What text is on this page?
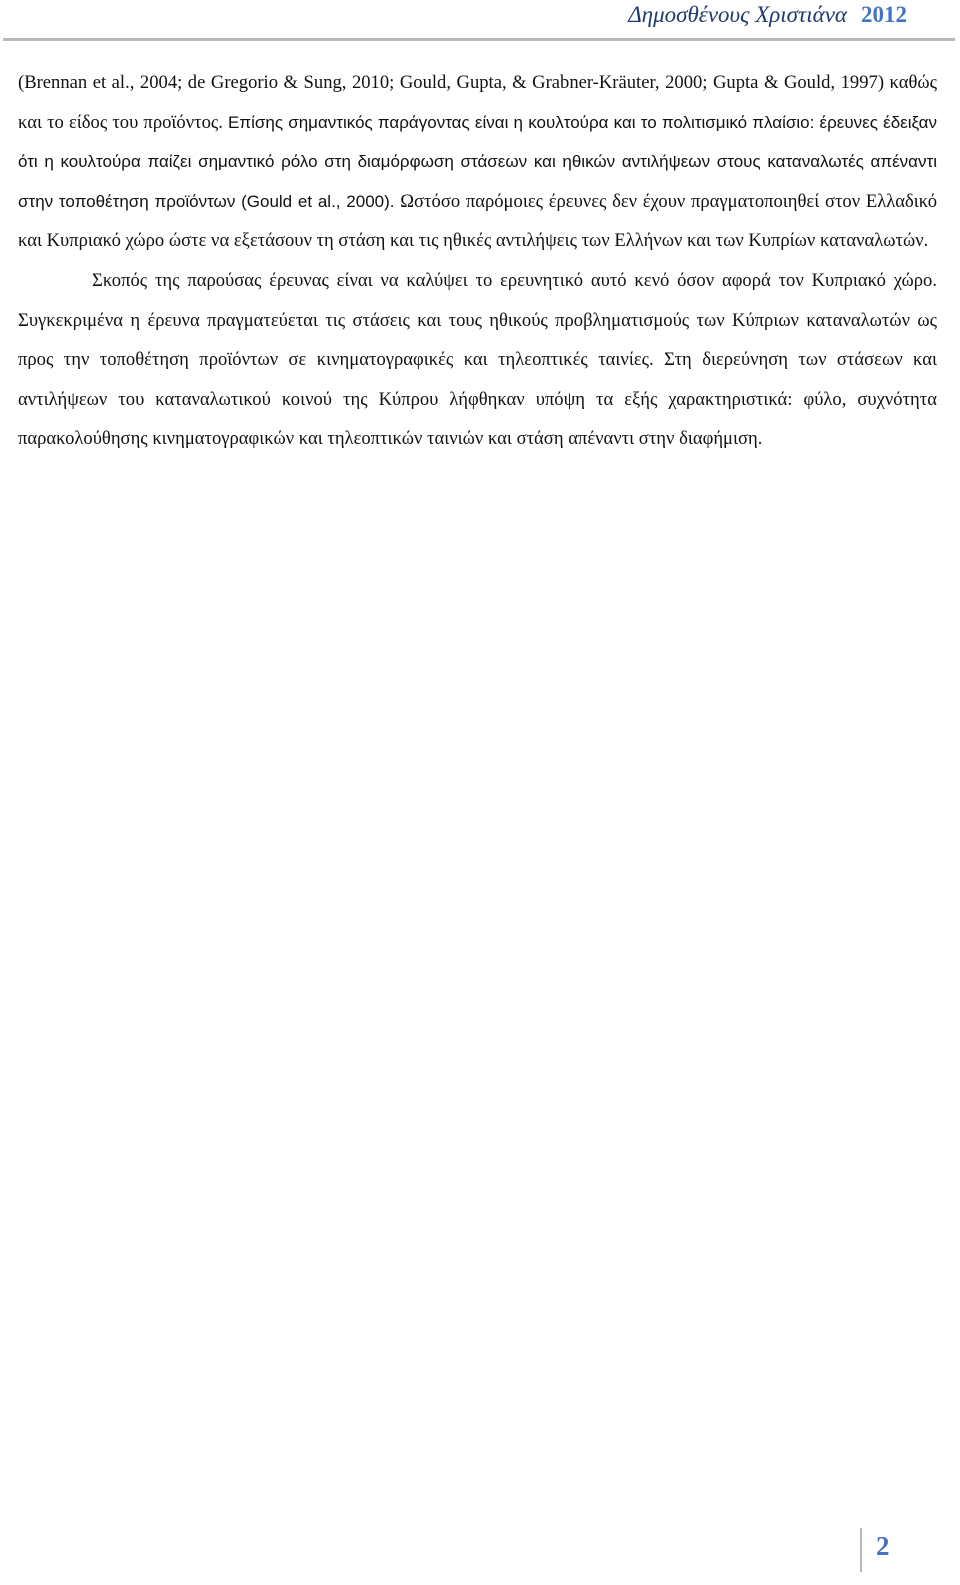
Δημοσθένους Χριστιάνα 2012

(Brennan et al., 2004; de Gregorio & Sung, 2010; Gould, Gupta, & Grabner-Kräuter, 2000; Gupta & Gould, 1997) καθώς και το είδος του προϊόντος. Επίσης σημαντικός παράγοντας είναι η κουλτούρα και το πολιτισμικό πλαίσιο: έρευνες έδειξαν ότι η κουλτούρα παίζει σημαντικό ρόλο στη διαμόρφωση στάσεων και ηθικών αντιλήψεων στους καταναλωτές απέναντι στην τοποθέτηση προϊόντων (Gould et al., 2000). Ωστόσο παρόμοιες έρευνες δεν έχουν πραγματοποιηθεί στον Ελλαδικό και Κυπριακό χώρο ώστε να εξετάσουν τη στάση και τις ηθικές αντιλήψεις των Ελλήνων και των Κυπρίων καταναλωτών.

Σκοπός της παρούσας έρευνας είναι να καλύψει το ερευνητικό αυτό κενό όσον αφορά τον Κυπριακό χώρο. Συγκεκριμένα η έρευνα πραγματεύεται τις στάσεις και τους ηθικούς προβληματισμούς των Κύπριων καταναλωτών ως προς την τοποθέτηση προϊόντων σε κινηματογραφικές και τηλεοπτικές ταινίες. Στη διερεύνηση των στάσεων και αντιλήψεων του καταναλωτικού κοινού της Κύπρου λήφθηκαν υπόψη τα εξής χαρακτηριστικά: φύλο, συχνότητα παρακολούθησης κινηματογραφικών και τηλεοπτικών ταινιών και στάση απέναντι στην διαφήμιση.

2
